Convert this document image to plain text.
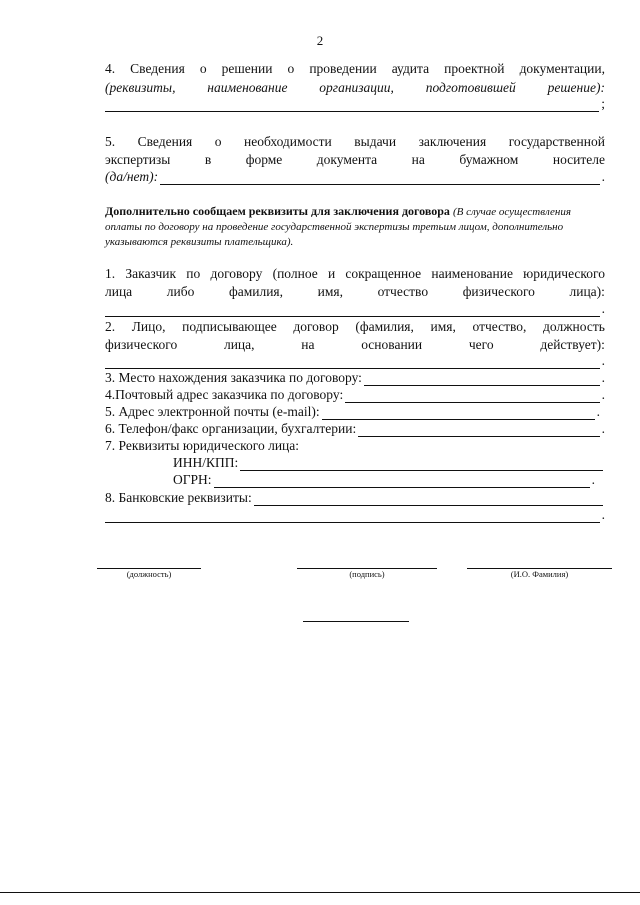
2
4. Сведения о решении о проведении аудита проектной документации,
(реквизиты, наименование организации, подготовившей решение):
;
5. Сведения о необходимости выдачи заключения государственной
экспертизы	в	форме	документа	на	бумажном	носителе
(да/нет):	.
Дополнительно сообщаем реквизиты для заключения договора (В случае осуществления оплаты по договору на проведение государственной экспертизы третьим лицом, дополнительно указываются реквизиты плательщика).
1. Заказчик по договору (полное и сокращенное наименование юридического
лица	либо	фамилия,	имя,	отчество	физического	лица):
.
2. Лицо, подписывающее договор (фамилия, имя, отчество, должность
физического	лица,	на	основании	чего	действует):
.
3. Место нахождения заказчика по договору:	.
4.Почтовый адрес заказчика по договору:	.
5. Адрес электронной почты (e-mail):	.
6. Телефон/факс организации, бухгалтерии:	.
7. Реквизиты юридического лица:
ИНН/КПП:
ОГРН:	.
8. Банковские реквизиты:
.
(должность)	(подпись)	(И.О. Фамилия)
